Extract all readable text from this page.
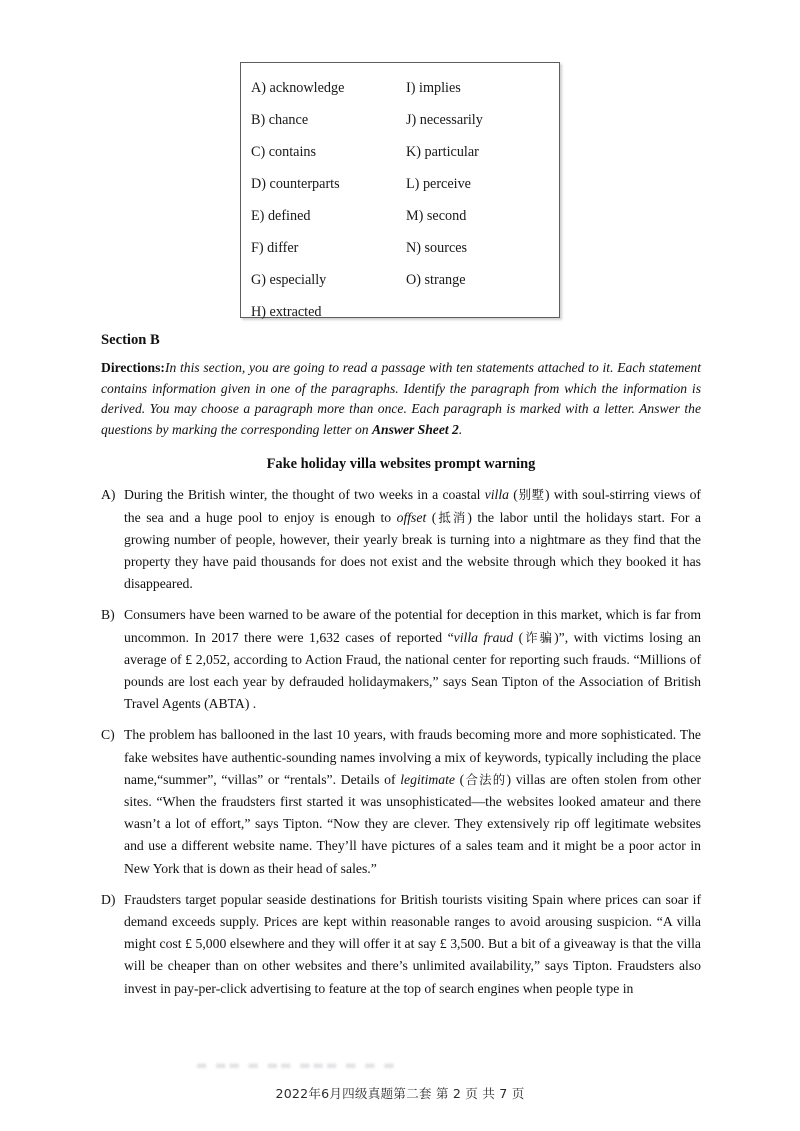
A) acknowledge
B) chance
C) contains
D) counterparts
E) defined
F) differ
G) especially
H) extracted
I) implies
J) necessarily
K) particular
L) perceive
M) second
N) sources
O) strange
Section B

Directions:In this section, you are going to read a passage with ten statements attached to it. Each statement contains information given in one of the paragraphs. Identify the paragraph from which the information is derived. You may choose a paragraph more than once. Each paragraph is marked with a letter. Answer the questions by marking the corresponding letter on Answer Sheet 2.

Fake holiday villa websites prompt warning

A) During the British winter, the thought of two weeks in a coastal villa (别墅) with soul-stirring views of the sea and a huge pool to enjoy is enough to offset (抵消) the labor until the holidays start. For a growing number of people, however, their yearly break is turning into a nightmare as they find that the property they have paid thousands for does not exist and the website through which they booked it has disappeared.

B) Consumers have been warned to be aware of the potential for deception in this market, which is far from uncommon. In 2017 there were 1,632 cases of reported “villa fraud (诈骗)”, with victims losing an average of £ 2,052, according to Action Fraud, the national center for reporting such frauds. “Millions of pounds are lost each year by defrauded holidaymakers,” says Sean Tipton of the Association of British Travel Agents (ABTA) .

C) The problem has ballooned in the last 10 years, with frauds becoming more and more sophisticated. The fake websites have authentic-sounding names involving a mix of keywords, typically including the place name,“summer”, “villas” or “rentals”. Details of legitimate (合法的) villas are often stolen from other sites. “When the fraudsters first started it was unsophisticated—the websites looked amateur and there wasn’t a lot of effort,” says Tipton. “Now they are clever. They extensively rip off legitimate websites and use a different website name. They’ll have pictures of a sales team and it might be a poor actor in New York that is down as their head of sales.”

D) Fraudsters target popular seaside destinations for British tourists visiting Spain where prices can soar if demand exceeds supply. Prices are kept within reasonable ranges to avoid arousing suspicion. “A villa might cost £ 5,000 elsewhere and they will offer it at say £ 3,500. But a bit of a giveaway is that the villa will be cheaper than on other websites and there’s unlimited availability,” says Tipton. Fraudsters also invest in pay-per-click advertising to feature at the top of search engines when people type in

▬ ▬▬ ▬ ▬▬ ▬▬▬ ▬ ▬ ▬
2022年6月四级真题第二套 第 2 页 共 7 页
